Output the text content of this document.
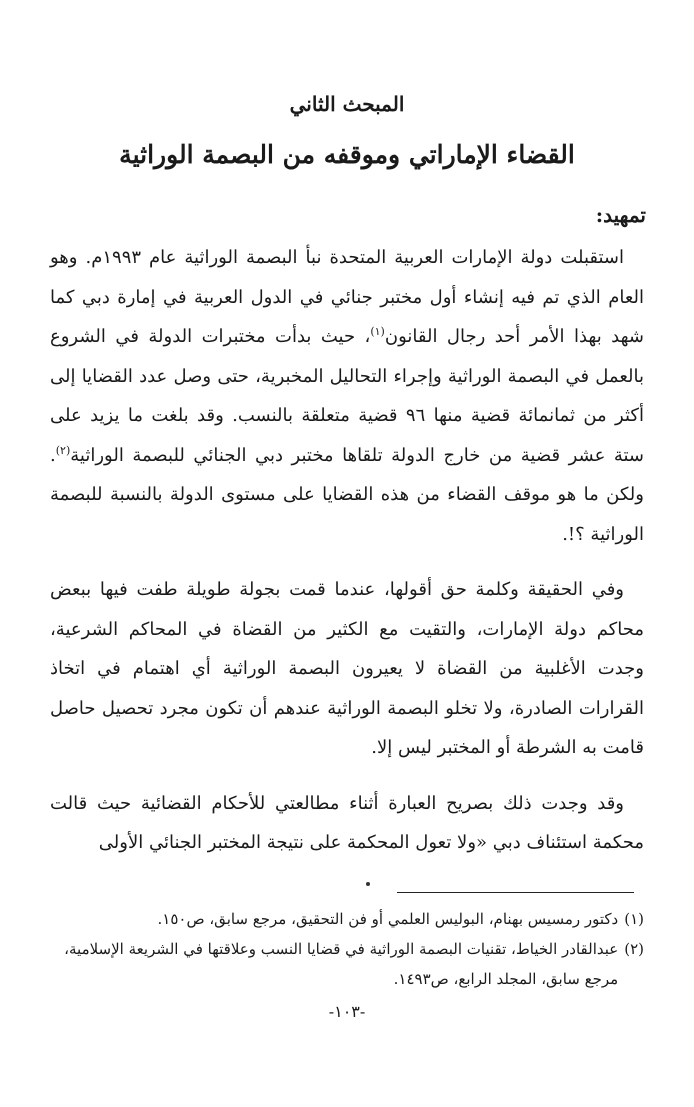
المبحث الثاني
القضاء الإماراتي وموقفه من البصمة الوراثية
تمهيد:

استقبلت دولة الإمارات العربية المتحدة نبأ البصمة الوراثية عام ١٩٩٣م. وهو العام الذي تم فيه إنشاء أول مختبر جنائي في الدول العربية في إمارة دبي كما شهد بهذا الأمر أحد رجال القانون$^{(١)}$، حيث بدأت مختبرات الدولة في الشروع بالعمل في البصمة الوراثية وإجراء التحاليل المخبرية، حتى وصل عدد القضايا إلى أكثر من ثمانمائة قضية منها ٩٦ قضية متعلقة بالنسب. وقد بلغت ما يزيد على ستة عشر قضية من خارج الدولة تلقاها مختبر دبي الجنائي للبصمة الوراثية$^{(٢)}$. ولكن ما هو موقف القضاء من هذه القضايا على مستوى الدولة بالنسبة للبصمة الوراثية ؟!.

وفي الحقيقة وكلمة حق أقولها، عندما قمت بجولة طويلة طفت فيها ببعض محاكم دولة الإمارات، والتقيت مع الكثير من القضاة في المحاكم الشرعية، وجدت الأغلبية من القضاة لا يعيرون البصمة الوراثية أي اهتمام في اتخاذ القرارات الصادرة، ولا تخلو البصمة الوراثية عندهم أن تكون مجرد تحصيل حاصل قامت به الشرطة أو المختبر ليس إلا.

وقد وجدت ذلك بصريح العبارة أثناء مطالعتي للأحكام القضائية حيث قالت محكمة استئناف دبي «ولا تعول المحكمة على نتيجة المختبر الجنائي الأولى

(١)
دكتور رمسيس بهنام، البوليس العلمي أو فن التحقيق، مرجع سابق، ص١٥٠.
(٢)
عبدالقادر الخياط، تقنيات البصمة الوراثية في قضايا النسب وعلاقتها في الشريعة الإسلامية، مرجع سابق، المجلد الرابع، ص١٤٩٣.
-١٠٣-
